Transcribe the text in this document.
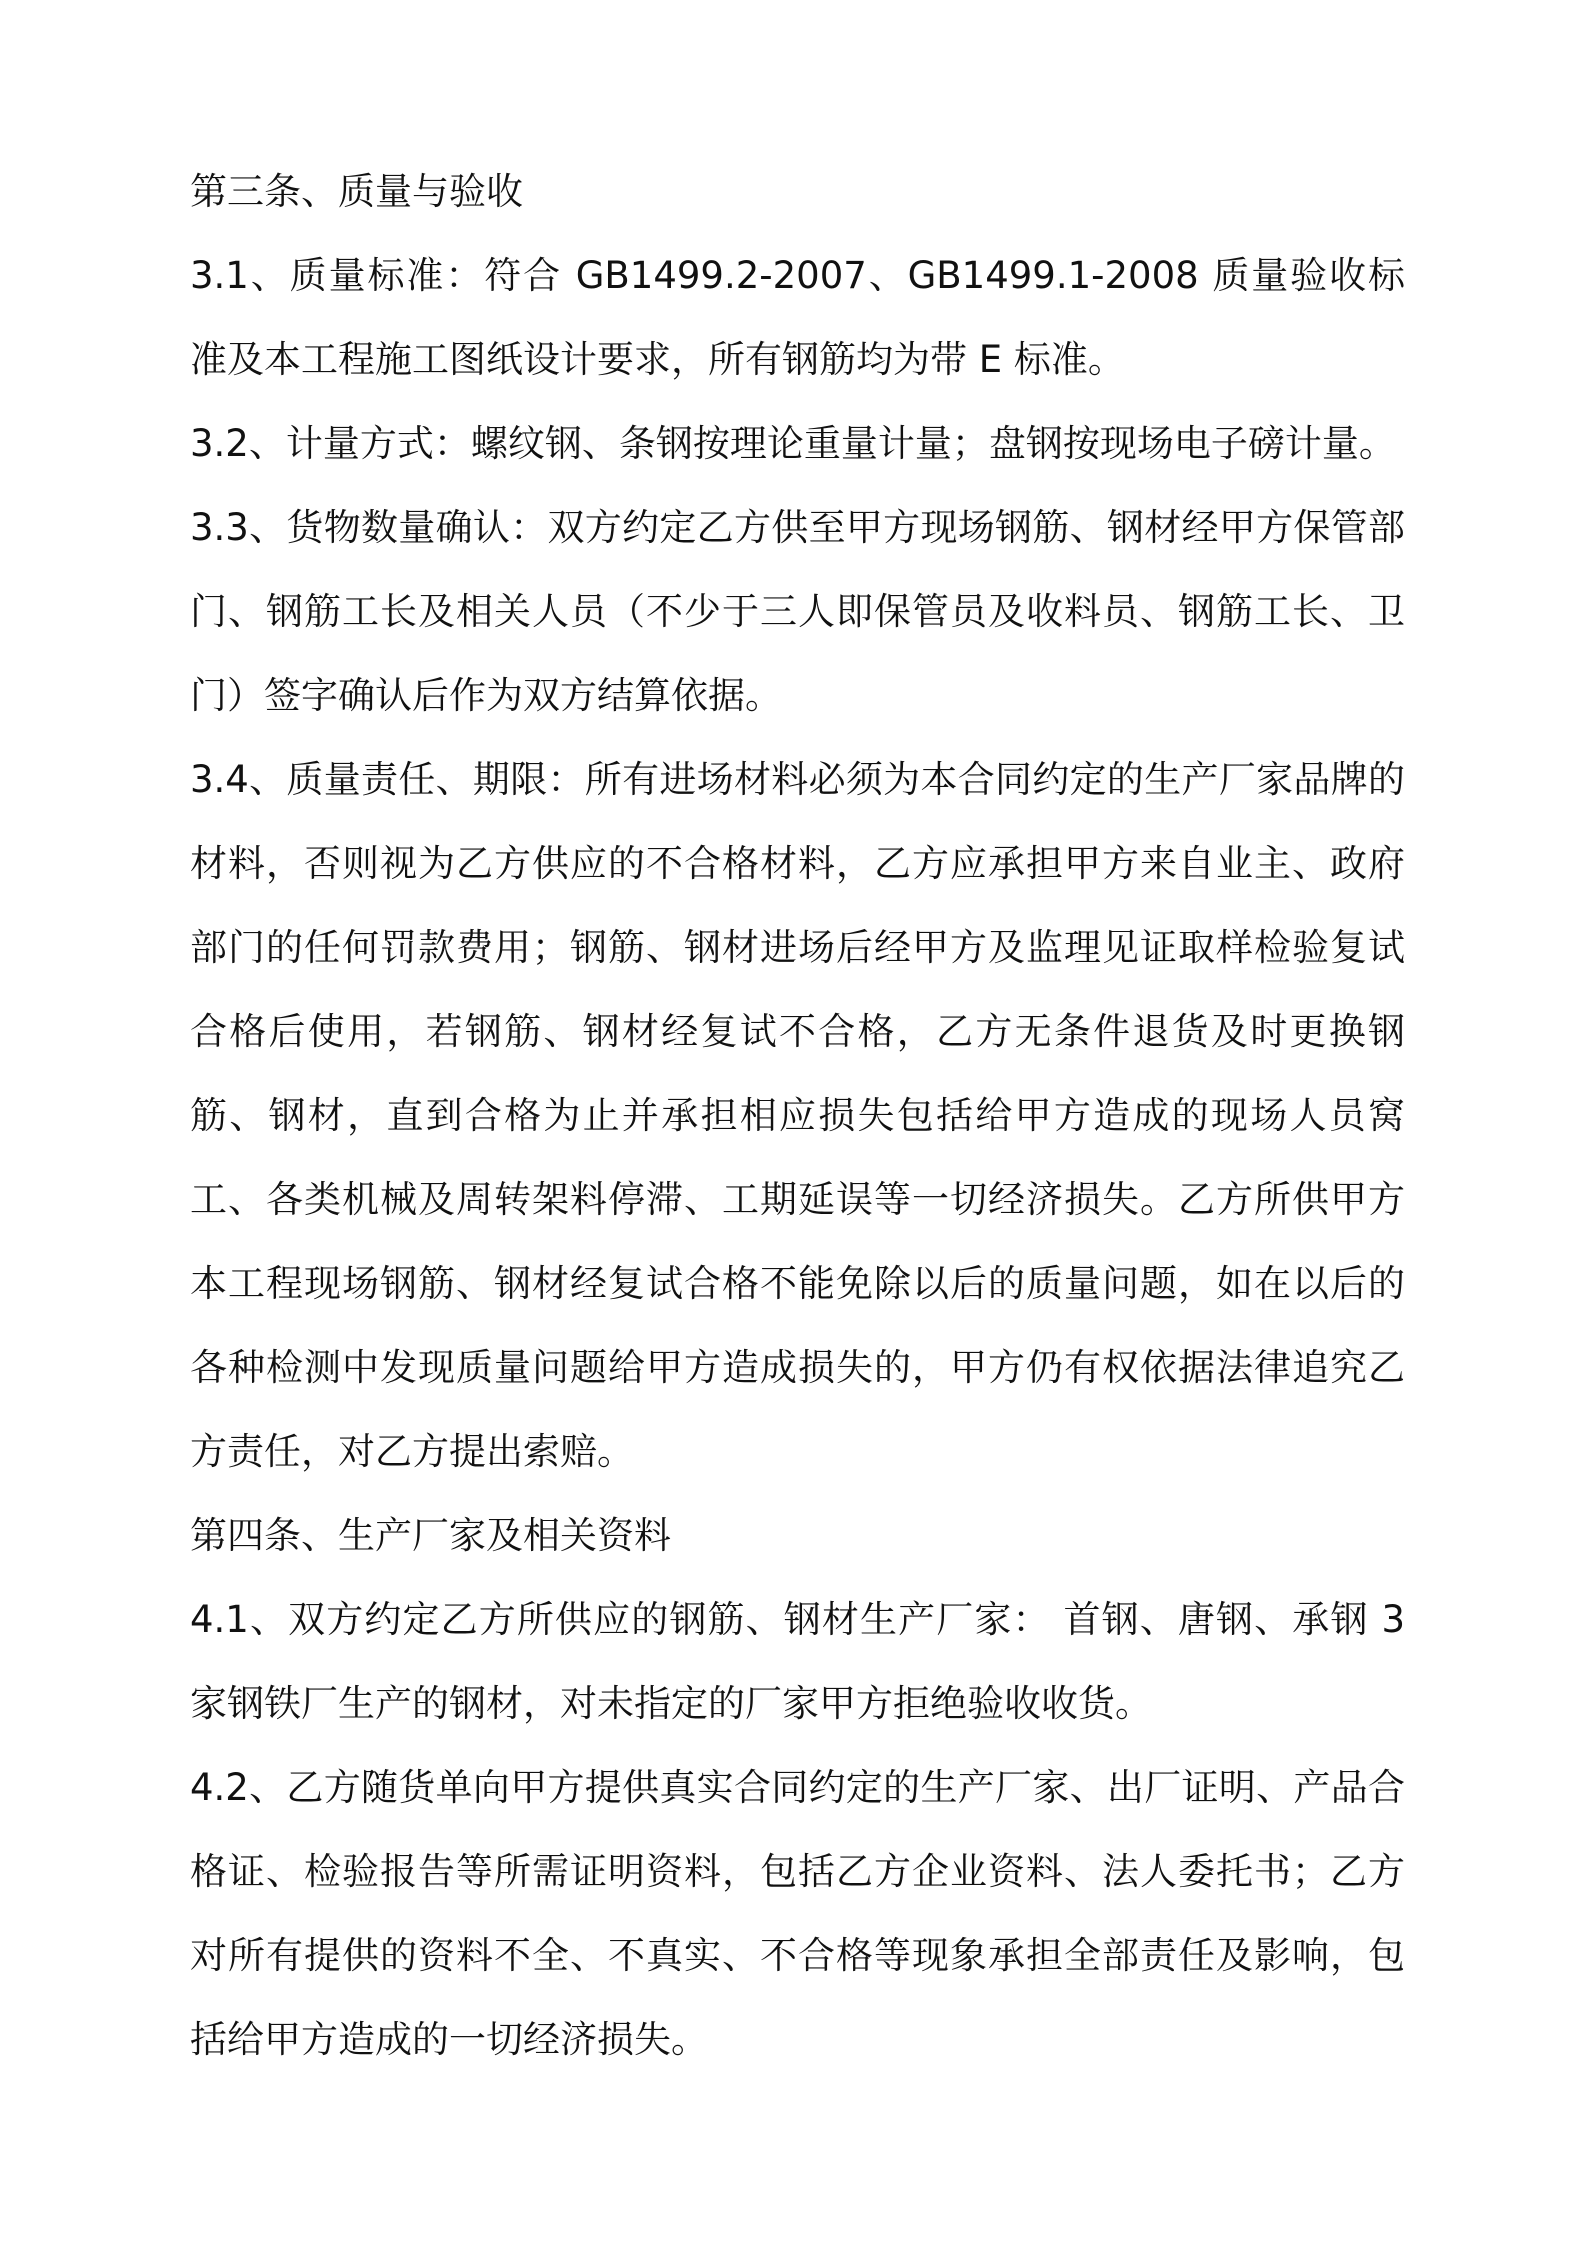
第三条、质量与验收

3.1、质量标准：符合 GB1499.2-2007、GB1499.1-2008 质量验收标准及本工程施工图纸设计要求，所有钢筋均为带 E 标准。

3.2、计量方式：螺纹钢、条钢按理论重量计量；盘钢按现场电子磅计量。

3.3、货物数量确认：双方约定乙方供至甲方现场钢筋、钢材经甲方保管部门、钢筋工长及相关人员（不少于三人即保管员及收料员、钢筋工长、卫门）签字确认后作为双方结算依据。

3.4、质量责任、期限：所有进场材料必须为本合同约定的生产厂家品牌的材料，否则视为乙方供应的不合格材料，乙方应承担甲方来自业主、政府部门的任何罚款费用；钢筋、钢材进场后经甲方及监理见证取样检验复试合格后使用，若钢筋、钢材经复试不合格，乙方无条件退货及时更换钢筋、钢材，直到合格为止并承担相应损失包括给甲方造成的现场人员窝工、各类机械及周转架料停滞、工期延误等一切经济损失。乙方所供甲方本工程现场钢筋、钢材经复试合格不能免除以后的质量问题，如在以后的各种检测中发现质量问题给甲方造成损失的，甲方仍有权依据法律追究乙方责任，对乙方提出索赔。

第四条、生产厂家及相关资料

4.1、双方约定乙方所供应的钢筋、钢材生产厂家： 首钢、唐钢、承钢 3 家钢铁厂生产的钢材，对未指定的厂家甲方拒绝验收收货。

4.2、乙方随货单向甲方提供真实合同约定的生产厂家、出厂证明、产品合格证、检验报告等所需证明资料，包括乙方企业资料、法人委托书；乙方对所有提供的资料不全、不真实、不合格等现象承担全部责任及影响，包括给甲方造成的一切经济损失。
